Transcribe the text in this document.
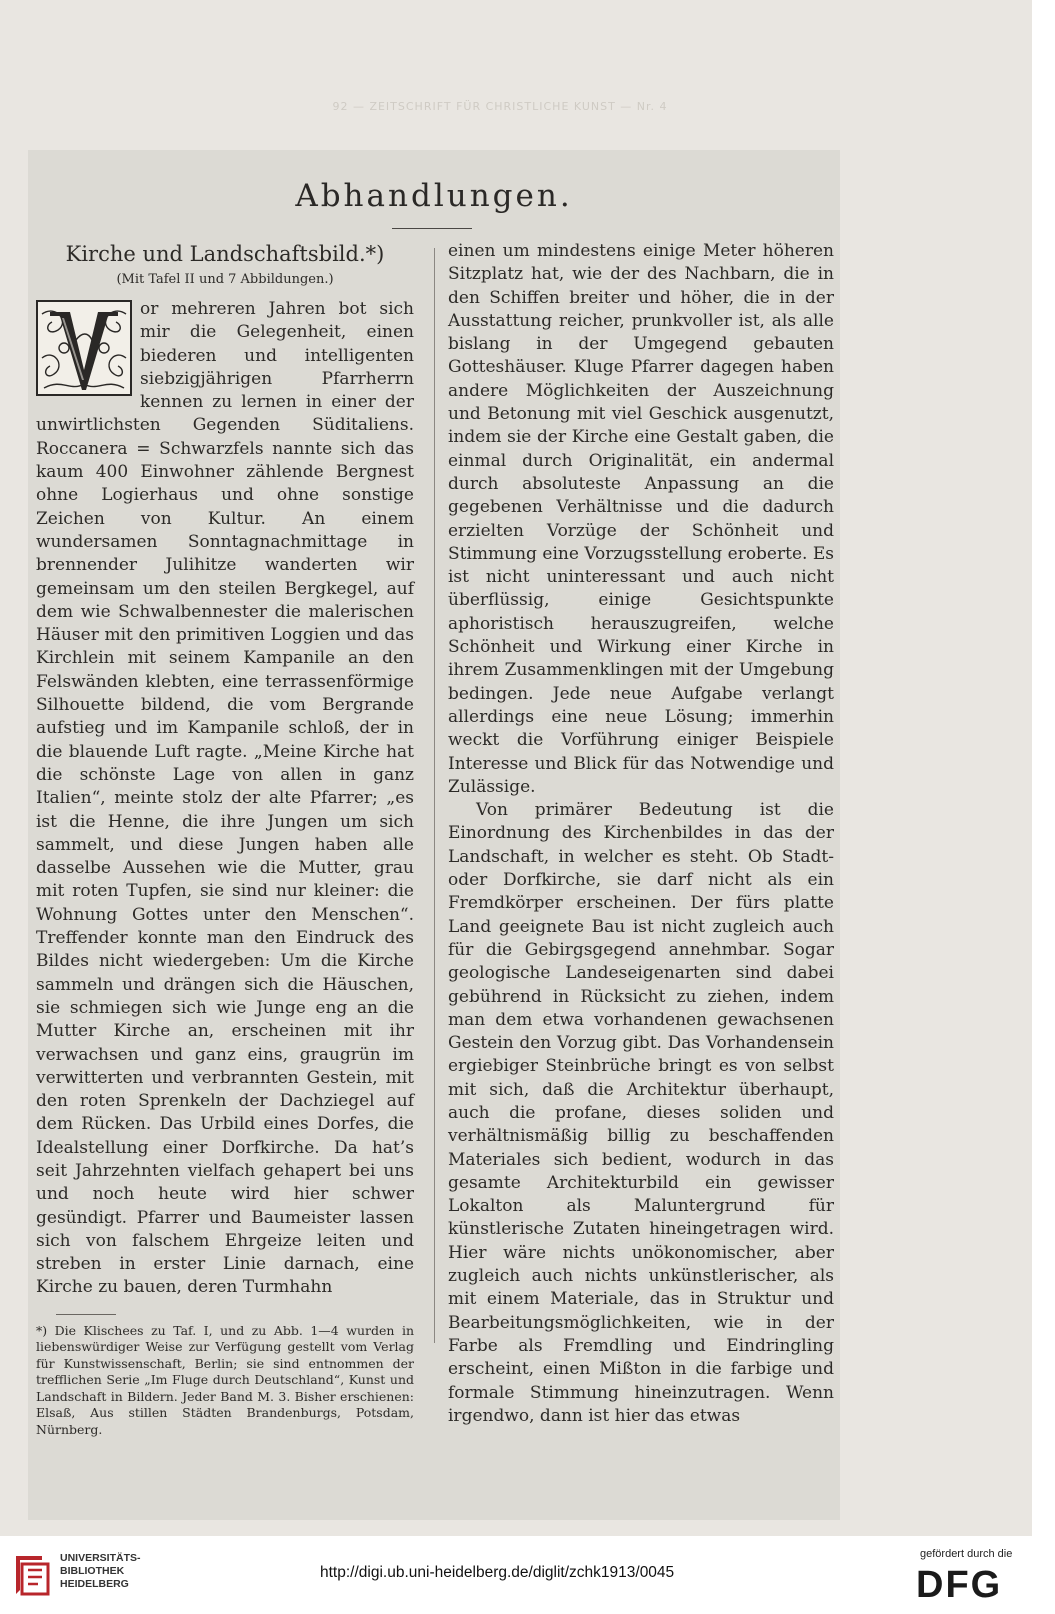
92 — ZEITSCHRIFT FÜR CHRISTLICHE KUNST — Nr. 4
Abhandlungen.
Kirche und Landschaftsbild.*)
(Mit Tafel II und 7 Abbildungen.)

or mehreren Jahren bot sich mir die Gelegenheit, einen biederen und intelligenten siebzigjährigen Pfarrherrn kennen zu lernen in einer der unwirtlichsten Gegenden Süditaliens. Roccanera = Schwarzfels nannte sich das kaum 400 Einwohner zählende Bergnest ohne Logierhaus und ohne sonstige Zeichen von Kultur. An einem wundersamen Sonntagnachmittage in brennender Julihitze wanderten wir gemeinsam um den steilen Bergkegel, auf dem wie Schwalbennester die malerischen Häuser mit den primitiven Loggien und das Kirchlein mit seinem Kampanile an den Felswänden klebten, eine terrassenförmige Silhouette bildend, die vom Bergrande aufstieg und im Kampanile schloß, der in die blauende Luft ragte. „Meine Kirche hat die schönste Lage von allen in ganz Italien“, meinte stolz der alte Pfarrer; „es ist die Henne, die ihre Jungen um sich sammelt, und diese Jungen haben alle dasselbe Aussehen wie die Mutter, grau mit roten Tupfen, sie sind nur kleiner: die Wohnung Gottes unter den Menschen“. Treffender konnte man den Eindruck des Bildes nicht wiedergeben: Um die Kirche sammeln und drängen sich die Häuschen, sie schmiegen sich wie Junge eng an die Mutter Kirche an, erscheinen mit ihr verwachsen und ganz eins, graugrün im verwitterten und verbrannten Gestein, mit den roten Sprenkeln der Dachziegel auf dem Rücken. Das Urbild eines Dorfes, die Idealstellung einer Dorfkirche. Da hat’s seit Jahrzehnten vielfach gehapert bei uns und noch heute wird hier schwer gesündigt. Pfarrer und Baumeister lassen sich von falschem Ehrgeize leiten und streben in erster Linie darnach, eine Kirche zu bauen, deren Turmhahn

*) Die Klischees zu Taf. I, und zu Abb. 1—4 wurden in liebenswürdiger Weise zur Verfügung gestellt vom Verlag für Kunstwissenschaft, Berlin; sie sind entnommen der trefflichen Serie „Im Fluge durch Deutschland“, Kunst und Landschaft in Bildern. Jeder Band M. 3. Bisher erschienen: Elsaß, Aus stillen Städten Brandenburgs, Potsdam, Nürnberg.

einen um mindestens einige Meter höheren Sitzplatz hat, wie der des Nachbarn, die in den Schiffen breiter und höher, die in der Ausstattung reicher, prunkvoller ist, als alle bislang in der Umgegend gebauten Gotteshäuser. Kluge Pfarrer dagegen haben andere Möglichkeiten der Auszeichnung und Betonung mit viel Geschick ausgenutzt, indem sie der Kirche eine Gestalt gaben, die einmal durch Originalität, ein andermal durch absoluteste Anpassung an die gegebenen Verhältnisse und die dadurch erzielten Vorzüge der Schönheit und Stimmung eine Vorzugsstellung eroberte. Es ist nicht uninteressant und auch nicht überflüssig, einige Gesichtspunkte aphoristisch herauszugreifen, welche Schönheit und Wirkung einer Kirche in ihrem Zusammenklingen mit der Umgebung bedingen. Jede neue Aufgabe verlangt allerdings eine neue Lösung; immerhin weckt die Vorführung einiger Beispiele Interesse und Blick für das Notwendige und Zulässige.

Von primärer Bedeutung ist die Einordnung des Kirchenbildes in das der Landschaft, in welcher es steht. Ob Stadt- oder Dorfkirche, sie darf nicht als ein Fremdkörper erscheinen. Der fürs platte Land geeignete Bau ist nicht zugleich auch für die Gebirgsgegend annehmbar. Sogar geologische Landeseigenarten sind dabei gebührend in Rücksicht zu ziehen, indem man dem etwa vorhandenen gewachsenen Gestein den Vorzug gibt. Das Vorhandensein ergiebiger Steinbrüche bringt es von selbst mit sich, daß die Architektur überhaupt, auch die profane, dieses soliden und verhältnismäßig billig zu beschaffenden Materiales sich bedient, wodurch in das gesamte Architekturbild ein gewisser Lokalton als Maluntergrund für künstlerische Zutaten hineingetragen wird. Hier wäre nichts unökonomischer, aber zugleich auch nichts unkünstlerischer, als mit einem Materiale, das in Struktur und Bearbeitungsmöglichkeiten, wie in der Farbe als Fremdling und Eindringling erscheint, einen Mißton in die farbige und formale Stimmung hineinzutragen. Wenn irgendwo, dann ist hier das etwas

UNIVERSITÄTS-
BIBLIOTHEK
HEIDELBERG
http://digi.ub.uni-heidelberg.de/diglit/zchk1913/0045
gefördert durch die
DFG
